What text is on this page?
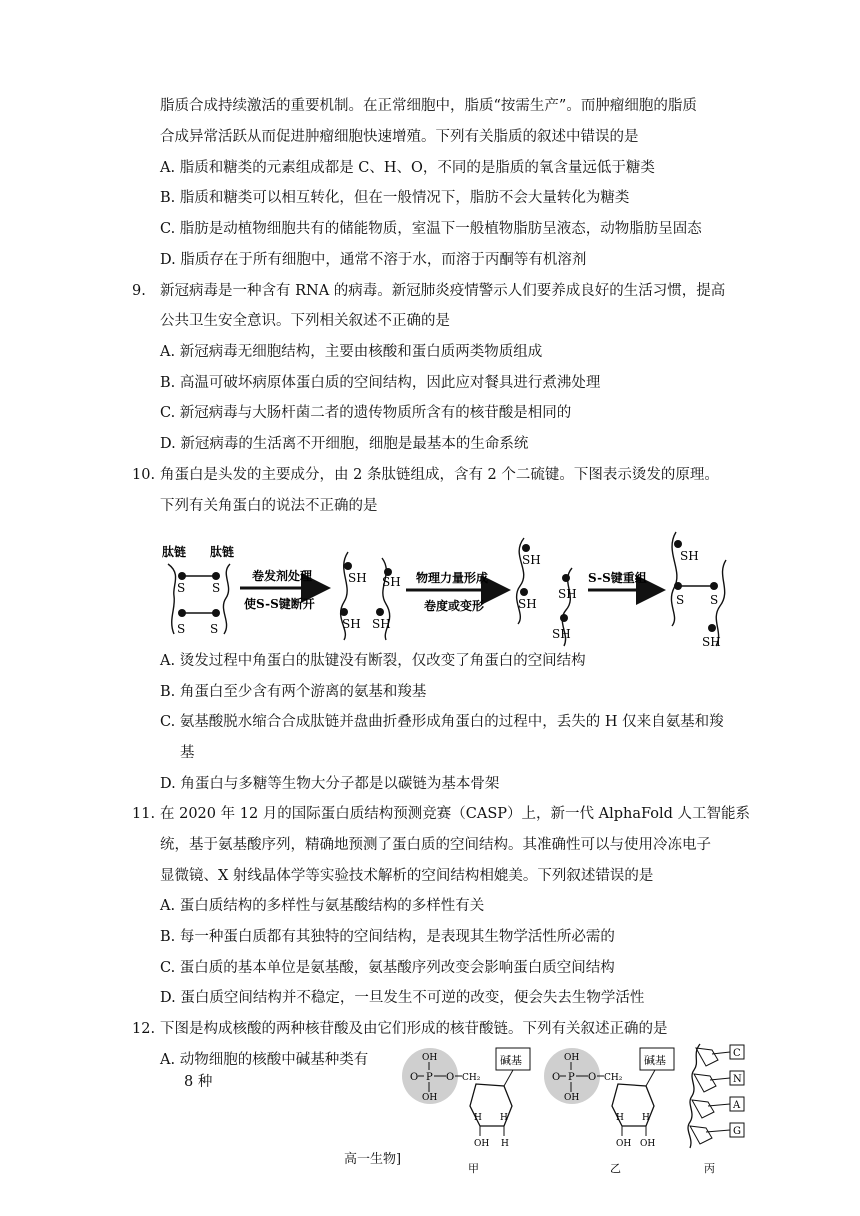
脂质合成持续激活的重要机制。在正常细胞中，脂质“按需生产”。而肿瘤细胞的脂质
合成异常活跃从而促进肿瘤细胞快速增殖。下列有关脂质的叙述中错误的是
A. 脂质和糖类的元素组成都是 C、H、O，不同的是脂质的氧含量远低于糖类
B. 脂质和糖类可以相互转化，但在一般情况下，脂肪不会大量转化为糖类
C. 脂肪是动植物细胞共有的储能物质，室温下一般植物脂肪呈液态，动物脂肪呈固态
D. 脂质存在于所有细胞中，通常不溶于水，而溶于丙酮等有机溶剂
9. 新冠病毒是一种含有 RNA 的病毒。新冠肺炎疫情警示人们要养成良好的生活习惯，提高
公共卫生安全意识。下列相关叙述不正确的是
A. 新冠病毒无细胞结构，主要由核酸和蛋白质两类物质组成
B. 高温可破坏病原体蛋白质的空间结构，因此应对餐具进行煮沸处理
C. 新冠病毒与大肠杆菌二者的遗传物质所含有的核苷酸是相同的
D. 新冠病毒的生活离不开细胞，细胞是最基本的生命系统
10. 角蛋白是头发的主要成分，由 2 条肽链组成，含有 2 个二硫键。下图表示烫发的原理。
下列有关角蛋白的说法不正确的是
肽链 肽链
S S
S S
卷发剂处理
使S-S键断开
SH
SH
SH
SH
物理力量形成
卷度或变形
SH
SH
SH
SH
S-S键重组
SH
S S
SH
A. 烫发过程中角蛋白的肽键没有断裂，仅改变了角蛋白的空间结构
B. 角蛋白至少含有两个游离的氨基和羧基
C. 氨基酸脱水缩合合成肽链并盘曲折叠形成角蛋白的过程中，丢失的 H 仅来自氨基和羧
基
D. 角蛋白与多糖等生物大分子都是以碳链为基本骨架
11. 在 2020 年 12 月的国际蛋白质结构预测竞赛（CASP）上，新一代 AlphaFold 人工智能系
统，基于氨基酸序列，精确地预测了蛋白质的空间结构。其准确性可以与使用冷冻电子
显微镜、X 射线晶体学等实验技术解析的空间结构相媲美。下列叙述错误的是
A. 蛋白质结构的多样性与氨基酸结构的多样性有关
B. 每一种蛋白质都有其独特的空间结构，是表现其生物学活性所必需的
C. 蛋白质的基本单位是氨基酸，氨基酸序列改变会影响蛋白质空间结构
D. 蛋白质空间结构并不稳定，一旦发生不可逆的改变，便会失去生物学活性
12. 下图是构成核酸的两种核苷酸及由它们形成的核苷酸链。下列有关叙述正确的是
A. 动物细胞的核酸中碱基种类有
8 种
OH
P
O
OH
O CH₂
碱基
H H
OH H
甲
OH
P
O
OH
O CH₂
碱基
H H
OH OH
乙
C
N
A
G
丙
高一生物]
